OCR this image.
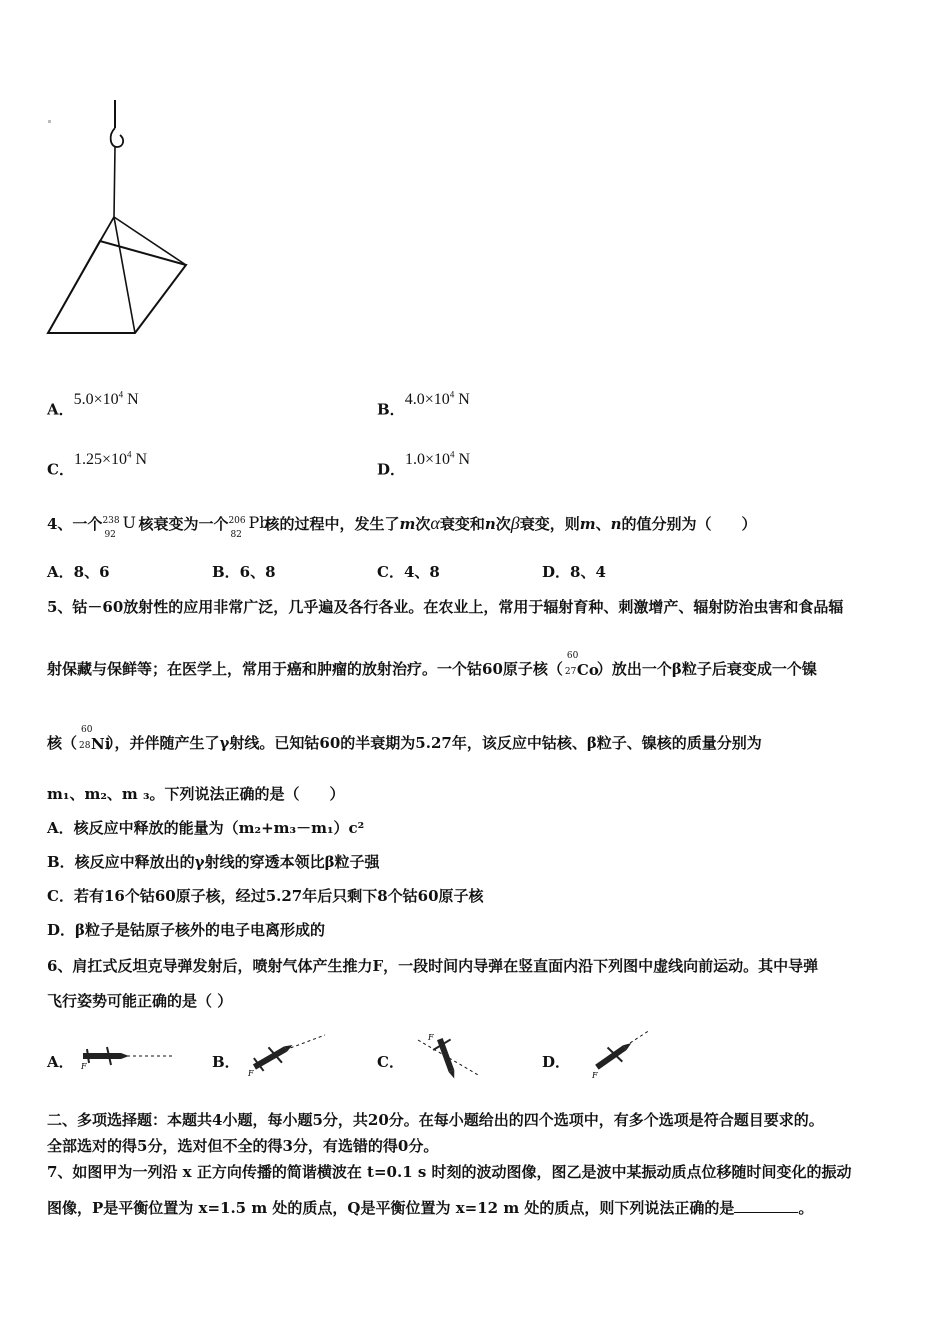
A．$5.0\times 10^4$ N
B．$4.0\times 10^4$ N
C．$1.25\times 10^4$ N
D．$1.0\times 10^4$ N
4、一个 238
92
U 核衰变为一个 206
82
Pb
核的过程中，发生了m次α衰变和n次β衰变，则m、n的值分别为（　　）
A．8、6	B．6、8	C．4、8	D．8、4
5、钴－60放射性的应用非常广泛，几乎遍及各行各业。在农业上，常用于辐射育种、刺激增产、辐射防治虫害和食品辐
射保藏与保鲜等；在医学上，常用于癌和肿瘤的放射治疗。一个钴60原子核（
60
27 Co
）放出一个β粒子后衰变成一个镍
核（
60
28 Ni
），并伴随产生了γ射线。已知钴60的半衰期为5.27年，该反应中钴核、β粒子、镍核的质量分别为
m₁、m₂、m ₃。下列说法正确的是（　　）
A．核反应中释放的能量为（m₂+m₃－m₁）c²
B．核反应中释放出的γ射线的穿透本领比β粒子强
C．若有16个钴60原子核，经过5.27年后只剩下8个钴60原子核
D．β粒子是钴原子核外的电子电离形成的
6、肩扛式反坦克导弹发射后，喷射气体产生推力F，一段时间内导弹在竖直面内沿下列图中虚线向前运动。其中导弹
飞行姿势可能正确的是（ ）
A． F	B．
F
C．
F
D．
F
二、多项选择题：本题共4小题，每小题5分，共20分。在每小题给出的四个选项中，有多个选项是符合题目要求的。
全部选对的得5分，选对但不全的得3分，有选错的得0分。
7、如图甲为一列沿 x 正方向传播的简谐横波在 t=0.1 s 时刻的波动图像，图乙是波中某振动质点位移随时间变化的振动
图像，P是平衡位置为 x=1.5 m 处的质点，Q是平衡位置为 x=12 m 处的质点，则下列说法正确的是	。
